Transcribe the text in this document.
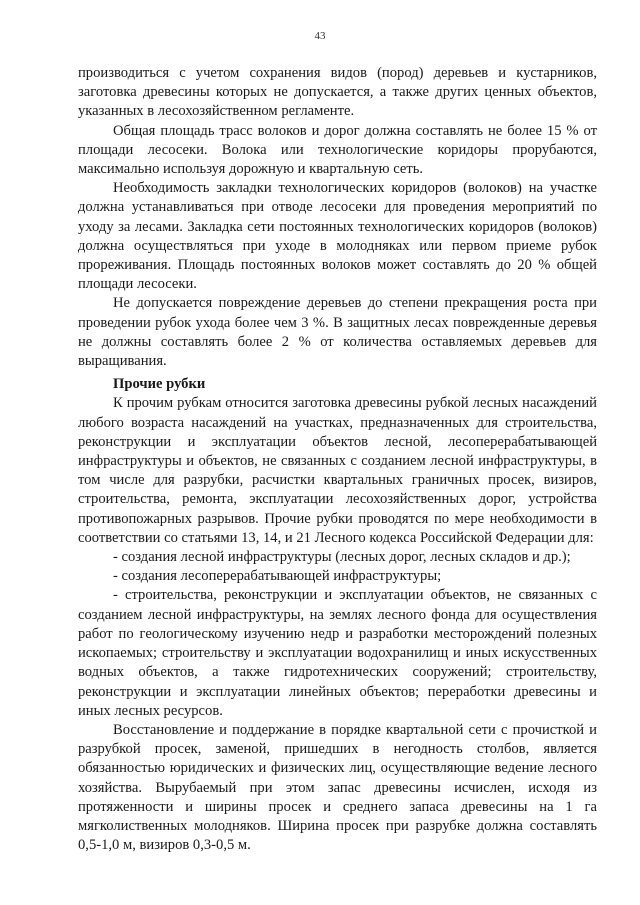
43

производиться с учетом сохранения видов (пород) деревьев и кустарников, заготовка древесины которых не допускается, а также других ценных объектов, указанных в лесохозяйственном регламенте.

Общая площадь трасс волоков и дорог должна составлять не более 15 % от площади лесосеки. Волока или технологические коридоры прорубаются, максимально используя дорожную и квартальную сеть.

Необходимость закладки технологических коридоров (волоков) на участке должна устанавливаться при отводе лесосеки для проведения мероприятий по уходу за лесами. Закладка сети постоянных технологических коридоров (волоков) должна осуществляться при уходе в молодняках или первом приеме рубок прореживания. Площадь постоянных волоков может составлять до 20 % общей площади лесосеки.

Не допускается повреждение деревьев до степени прекращения роста при проведении рубок ухода более чем 3 %. В защитных лесах поврежденные деревья не должны составлять более 2 % от количества оставляемых деревьев для выращивания.

Прочие рубки

К прочим рубкам относится заготовка древесины рубкой лесных насаждений любого возраста насаждений на участках, предназначенных для строительства, реконструкции и эксплуатации объектов лесной, лесоперерабатывающей инфраструктуры и объектов, не связанных с созданием лесной инфраструктуры, в том числе для разрубки, расчистки квартальных граничных просек, визиров, строительства, ремонта, эксплуатации лесохозяйственных дорог, устройства противопожарных разрывов. Прочие рубки проводятся по мере необходимости в соответствии со статьями 13, 14, и 21 Лесного кодекса Российской Федерации для:

- создания лесной инфраструктуры (лесных дорог, лесных складов и др.);

- создания лесоперерабатывающей инфраструктуры;

- строительства, реконструкции и эксплуатации объектов, не связанных с созданием лесной инфраструктуры, на землях лесного фонда для осуществления работ по геологическому изучению недр и разработки месторождений полезных ископаемых; строительству и эксплуатации водохранилищ и иных искусственных водных объектов, а также гидротехнических сооружений; строительству, реконструкции и эксплуатации линейных объектов; переработки древесины и иных лесных ресурсов.

Восстановление и поддержание в порядке квартальной сети с прочисткой и разрубкой просек, заменой, пришедших в негодность столбов, является обязанностью юридических и физических лиц, осуществляющие ведение лесного хозяйства. Вырубаемый при этом запас древесины исчислен, исходя из протяженности и ширины просек и среднего запаса древесины на 1 га мягколиственных молодняков. Ширина просек при разрубке должна составлять 0,5-1,0 м, визиров 0,3-0,5 м.
